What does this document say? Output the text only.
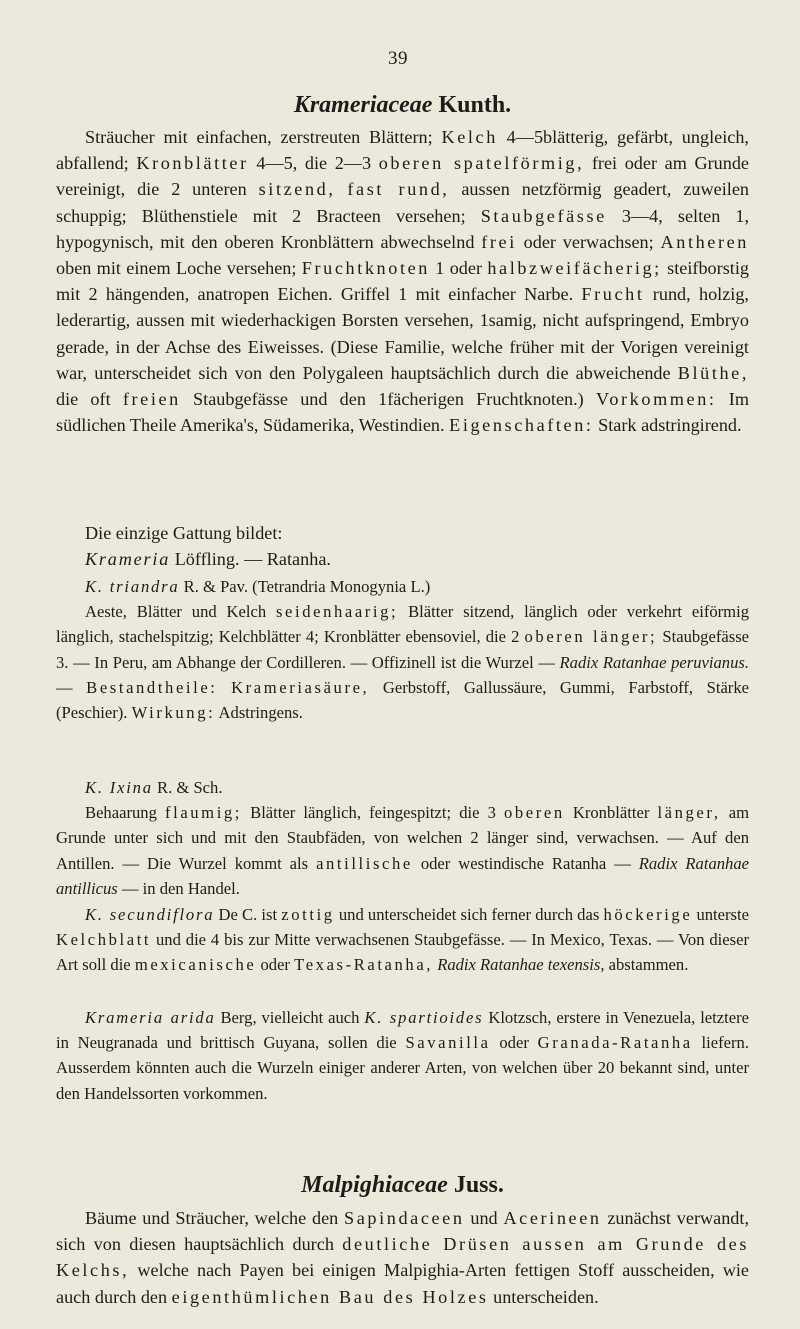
39
Krameriaceae Kunth.

Sträucher mit einfachen, zerstreuten Blättern; Kelch 4—5blätterig, gefärbt, ungleich, abfallend; Kronblätter 4—5, die 2—3 oberen spatelförmig, frei oder am Grunde vereinigt, die 2 unteren sitzend, fast rund, aussen netzförmig geadert, zuweilen schuppig; Blüthenstiele mit 2 Bracteen versehen; Staubgefässe 3—4, selten 1, hypogynisch, mit den oberen Kronblättern abwechselnd frei oder verwachsen; Antheren oben mit einem Loche versehen; Fruchtknoten 1 oder halbzweifächerig; steifborstig mit 2 hängenden, anatropen Eichen. Griffel 1 mit einfacher Narbe. Frucht rund, holzig, lederartig, aussen mit wiederhackigen Borsten versehen, 1samig, nicht aufspringend, Embryo gerade, in der Achse des Eiweisses. (Diese Familie, welche früher mit der Vorigen vereinigt war, unterscheidet sich von den Polygaleen hauptsächlich durch die abweichende Blüthe, die oft freien Staubgefässe und den 1fächerigen Fruchtknoten.) Vorkommen: Im südlichen Theile Amerika's, Südamerika, Westindien. Eigenschaften: Stark adstringirend.

Die einzige Gattung bildet:

Krameria Löffling. — Ratanha.

K. triandra R. & Pav. (Tetrandria Monogynia L.)

Aeste, Blätter und Kelch seidenhaarig; Blätter sitzend, länglich oder verkehrt eiförmig länglich, stachelspitzig; Kelchblätter 4; Kronblätter ebensoviel, die 2 oberen länger; Staubgefässe 3. — In Peru, am Abhange der Cordilleren. — Offizinell ist die Wurzel — Radix Ratanhae peruvianus. — Bestandtheile: Krameriasäure, Gerbstoff, Gallussäure, Gummi, Farbstoff, Stärke (Peschier). Wirkung: Adstringens.

K. Ixina R. & Sch.

Behaarung flaumig; Blätter länglich, feingespitzt; die 3 oberen Kronblätter länger, am Grunde unter sich und mit den Staubfäden, von welchen 2 länger sind, verwachsen. — Auf den Antillen. — Die Wurzel kommt als antillische oder westindische Ratanha — Radix Ratanhae antillicus — in den Handel.

K. secundiflora De C. ist zottig und unterscheidet sich ferner durch das höckerige unterste Kelchblatt und die 4 bis zur Mitte verwachsenen Staubgefässe. — In Mexico, Texas. — Von dieser Art soll die mexicanische oder Texas-Ratanha, Radix Ratanhae texensis, abstammen.

Krameria arida Berg, vielleicht auch K. spartioides Klotzsch, erstere in Venezuela, letztere in Neugranada und brittisch Guyana, sollen die Savanilla oder Granada-Ratanha liefern. Ausserdem könnten auch die Wurzeln einiger anderer Arten, von welchen über 20 bekannt sind, unter den Handelssorten vorkommen.

Malpighiaceae Juss.

Bäume und Sträucher, welche den Sapindaceen und Acerineen zunächst verwandt, sich von diesen hauptsächlich durch deutliche Drüsen aussen am Grunde des Kelchs, welche nach Payen bei einigen Malpighia-Arten fettigen Stoff ausscheiden, wie auch durch den eigenthümlichen Bau des Holzes unterscheiden.
